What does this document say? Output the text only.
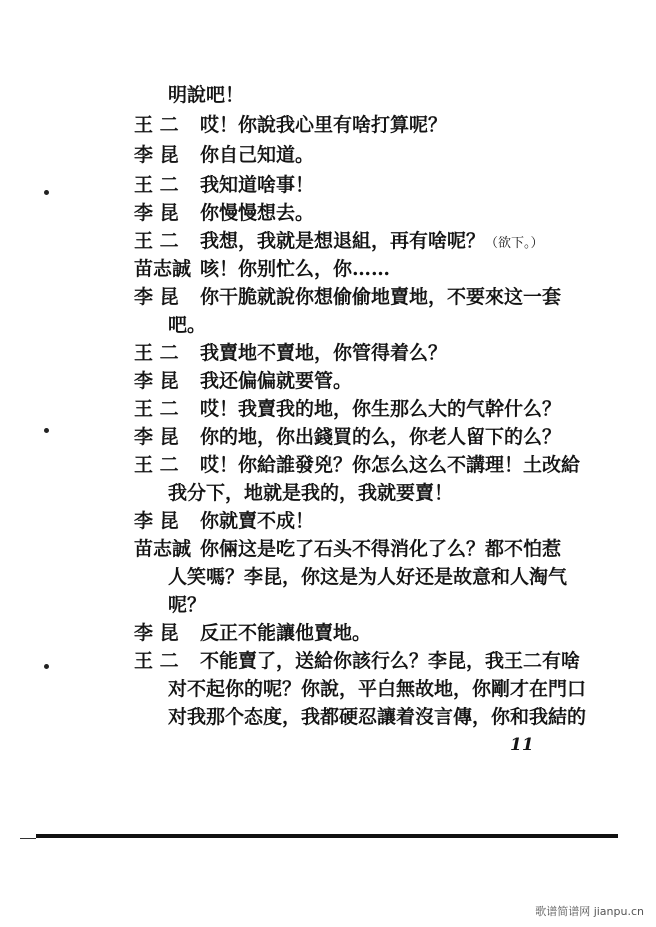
明說吧！
王 二 哎！你說我心里有啥打算呢？
李 昆 你自己知道。
王 二 我知道啥事！
李 昆 你慢慢想去。
王 二 我想，我就是想退組，再有啥呢？（欲下。）
苗志誠 咳！你别忙么，你……
李 昆 你干脆就說你想偷偷地賣地，不要來这一套
吧。
王 二 我賣地不賣地，你管得着么？
李 昆 我还偏偏就要管。
王 二 哎！我賣我的地，你生那么大的气幹什么？
李 昆 你的地，你出錢買的么，你老人留下的么？
王 二 哎！你給誰發兇？你怎么这么不講理！土改給
我分下，地就是我的，我就要賣！
李 昆 你就賣不成！
苗志誠 你倆这是吃了石头不得消化了么？都不怕惹
人笑嗎？李昆，你这是为人好还是故意和人淘气
呢？
李 昆 反正不能讓他賣地。
王 二 不能賣了，送給你該行么？李昆，我王二有啥
对不起你的呢？你說，平白無故地，你剛才在門口
对我那个态度，我都硬忍讓着沒言傳，你和我結的
11
歌谱简谱网 jianpu.cn
